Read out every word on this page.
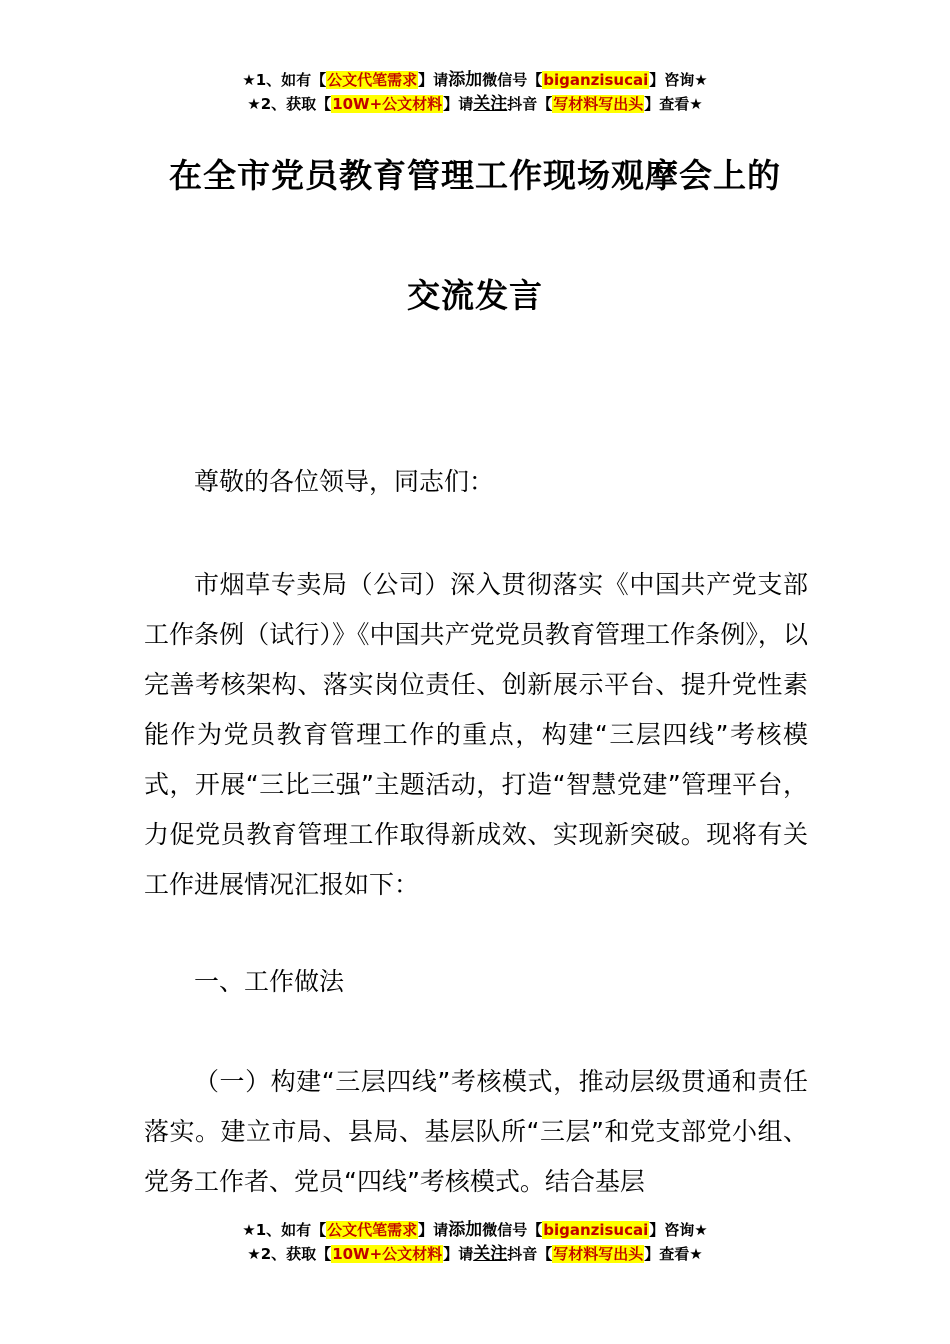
★1、如有【公文代笔需求】请添加微信号【biganzisucai】咨询★
★2、获取【10W+公文材料】请关注抖音【写材料写出头】查看★
在全市党员教育管理工作现场观摩会上的
交流发言
尊敬的各位领导，同志们：
市烟草专卖局（公司）深入贯彻落实《中国共产党支部工作条例（试行）》《中国共产党党员教育管理工作条例》，以完善考核架构、落实岗位责任、创新展示平台、提升党性素能作为党员教育管理工作的重点，构建“三层四线”考核模式，开展“三比三强”主题活动，打造“智慧党建”管理平台，力促党员教育管理工作取得新成效、实现新突破。现将有关工作进展情况汇报如下：
一、工作做法
（一）构建“三层四线”考核模式，推动层级贯通和责任落实。建立市局、县局、基层队所“三层”和党支部党小组、党务工作者、党员“四线”考核模式。结合基层
★1、如有【公文代笔需求】请添加微信号【biganzisucai】咨询★
★2、获取【10W+公文材料】请关注抖音【写材料写出头】查看★
